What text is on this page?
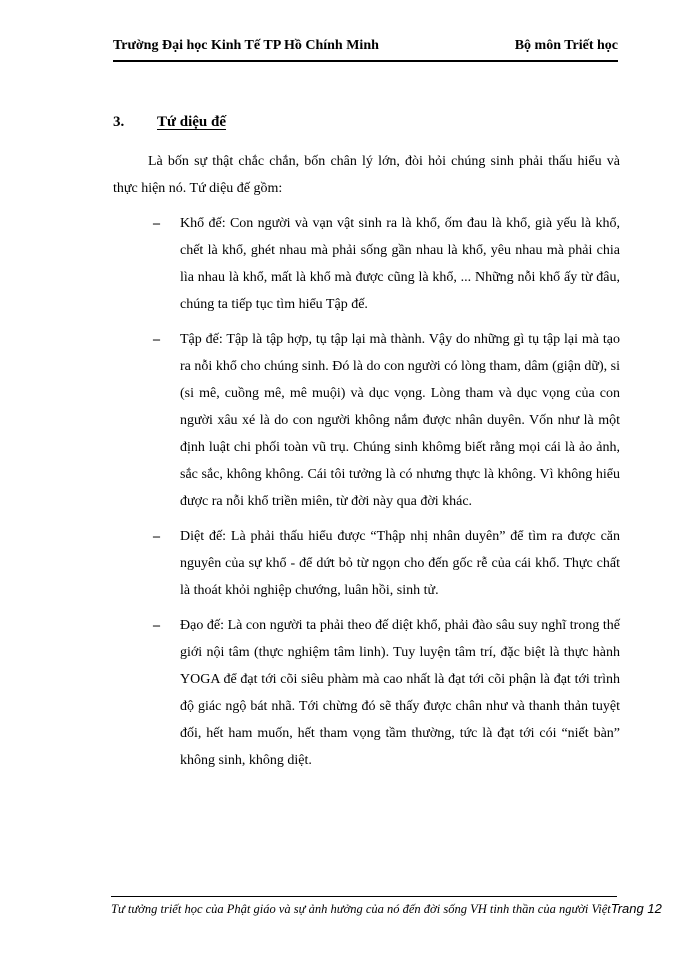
Trường Đại học Kinh Tế TP Hồ Chính Minh	Bộ môn Triết học
3. Tứ diệu đế

Là bốn sự thật chắc chắn, bốn chân lý lớn, đòi hỏi chúng sinh phải thấu hiểu và thực hiện nó. Tứ diệu đế gồm:

–	Khổ đế: Con người và vạn vật sinh ra là khổ, ốm đau là khổ, già yếu là khổ, chết là khổ, ghét nhau mà phải sống gần nhau là khổ, yêu nhau mà phải chia lìa nhau là khổ, mất là khổ mà được cũng là khổ, ... Những nỗi khổ ấy từ đâu, chúng ta tiếp tục tìm hiểu Tập đế.

–	Tập đế: Tập là tập hợp, tụ tập lại mà thành. Vậy do những gì tụ tập lại mà tạo ra nỗi khổ cho chúng sinh. Đó là do con người có lòng tham, dâm (giận dữ), si (si mê, cuồng mê, mê muội) và dục vọng. Lòng tham và dục vọng của con người xâu xé là do con người không nắm được nhân duyên. Vốn như là một định luật chi phối toàn vũ trụ. Chúng sinh khômg biết rằng mọi cái là ảo ảnh, sắc sắc, không không. Cái tôi tưởng là có nhưng thực là không. Vì không hiểu được ra nỗi khổ triền miên, từ đời này qua đời khác.

–	Diệt đế: Là phải thấu hiểu được “Thập nhị nhân duyên” để tìm ra được căn nguyên của sự khổ - để dứt bỏ từ ngọn cho đến gốc rễ của cái khổ. Thực chất là thoát khỏi nghiệp chướng, luân hồi, sinh tử.

–	Đạo đế: Là con người ta phải theo đế diệt khổ, phải đào sâu suy nghĩ trong thế giới nội tâm (thực nghiệm tâm linh). Tuy luyện tâm trí, đặc biệt là thực hành YOGA để đạt tới cõi siêu phàm mà cao nhất là đạt tới cõi phận là đạt tới trình độ giác ngộ bát nhã. Tới chừng đó sẽ thấy được chân như và thanh thản tuyệt đối, hết ham muốn, hết tham vọng tầm thường, tức là đạt tới cói “niết bàn” không sinh, không diệt.

Tư tưởng triết học của Phật giáo và sự ảnh hưởng của nó đến đời sống VH tinh thần của người Việt Trang 12
